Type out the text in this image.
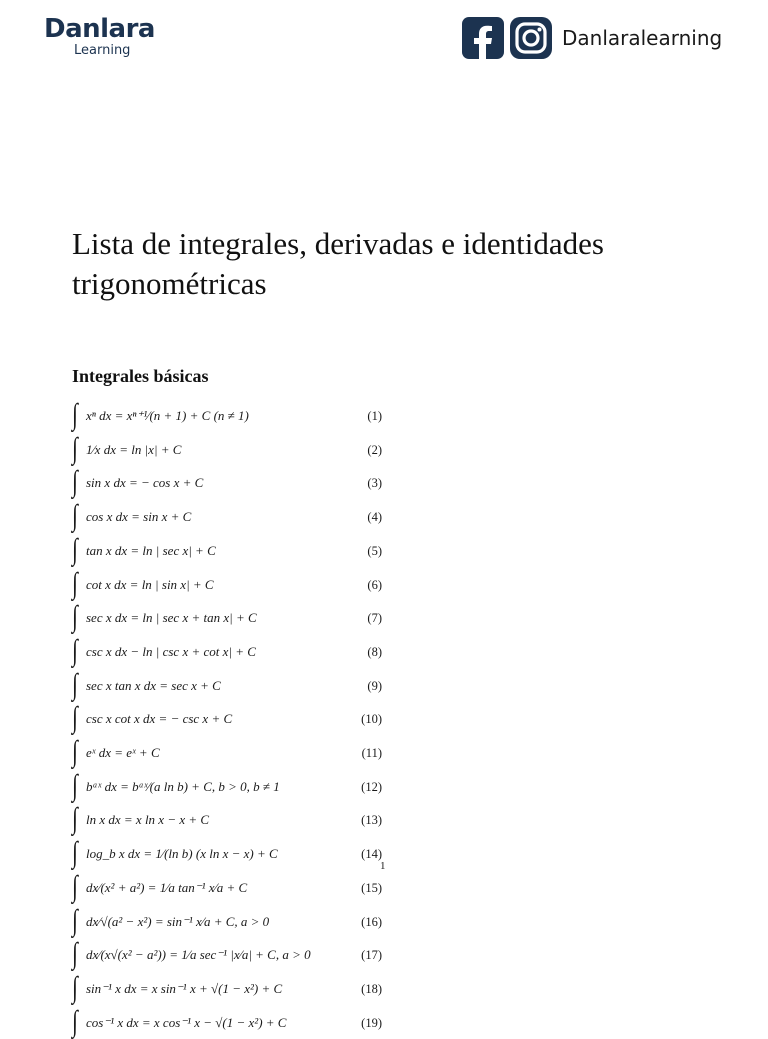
Danlara
Learning
Danlaralearning
Lista de integrales, derivadas e identidades trigonométricas
Integrales básicas
∫ xⁿ dx = xⁿ⁺¹⁄(n + 1) + C (n ≠ 1)	(1)
∫ 1⁄x dx = ln |x| + C	(2)
∫ sin x dx = − cos x + C	(3)
∫ cos x dx = sin x + C	(4)
∫ tan x dx = ln | sec x| + C	(5)
∫ cot x dx = ln | sin x| + C	(6)
∫ sec x dx = ln | sec x + tan x| + C	(7)
∫ csc x dx − ln | csc x + cot x| + C	(8)
∫ sec x tan x dx = sec x + C	(9)
∫ csc x cot x dx = − csc x + C	(10)
∫ eˣ dx = eˣ + C	(11)
∫ bᵃˣ dx = bᵃˣ⁄(a ln b) + C, b > 0, b ≠ 1	(12)
∫ ln x dx = x ln x − x + C	(13)
∫ log_b x dx = 1⁄(ln b) (x ln x − x) + C	(14)
∫ dx⁄(x² + a²) = 1⁄a tan⁻¹ x⁄a + C	(15)
∫ dx⁄√(a² − x²) = sin⁻¹ x⁄a + C, a > 0	(16)
∫ dx⁄(x√(x² − a²)) = 1⁄a sec⁻¹ |x⁄a| + C, a > 0	(17)
∫ sin⁻¹ x dx = x sin⁻¹ x + √(1 − x²) + C	(18)
∫ cos⁻¹ x dx = x cos⁻¹ x − √(1 − x²) + C	(19)
1
